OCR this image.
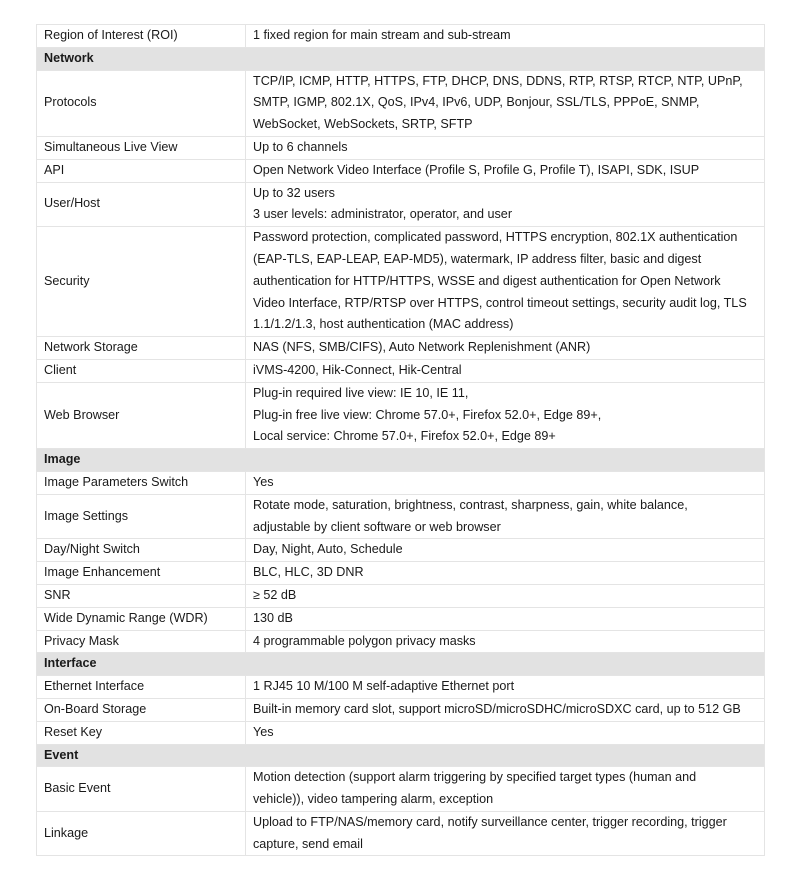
Region of Interest (ROI)	1 fixed region for main stream and sub-stream

Network	
Protocols	TCP/IP, ICMP, HTTP, HTTPS, FTP, DHCP, DNS, DDNS, RTP, RTSP, RTCP, NTP, UPnP,
SMTP, IGMP, 802.1X, QoS, IPv4, IPv6, UDP, Bonjour, SSL/TLS, PPPoE, SNMP,
WebSocket, WebSockets, SRTP, SFTP

Simultaneous Live View	Up to 6 channels

API	Open Network Video Interface (Profile S, Profile G, Profile T), ISAPI, SDK, ISUP

User/Host	Up to 32 users
3 user levels: administrator, operator, and user

Security	Password protection, complicated password, HTTPS encryption, 802.1X authentication
(EAP-TLS, EAP-LEAP, EAP-MD5), watermark, IP address filter, basic and digest
authentication for HTTP/HTTPS, WSSE and digest authentication for Open Network
Video Interface, RTP/RTSP over HTTPS, control timeout settings, security audit log, TLS
1.1/1.2/1.3, host authentication (MAC address)

Network Storage	NAS (NFS, SMB/CIFS), Auto Network Replenishment (ANR)

Client	iVMS-4200, Hik-Connect, Hik-Central

Web Browser	Plug-in required live view: IE 10, IE 11,
Plug-in free live view: Chrome 57.0+, Firefox 52.0+, Edge 89+,
Local service: Chrome 57.0+, Firefox 52.0+, Edge 89+

Image	
Image Parameters Switch	Yes

Image Settings	Rotate mode, saturation, brightness, contrast, sharpness, gain, white balance,
adjustable by client software or web browser

Day/Night Switch	Day, Night, Auto, Schedule

Image Enhancement	BLC, HLC, 3D DNR

SNR	≥ 52 dB

Wide Dynamic Range (WDR)	130 dB

Privacy Mask	4 programmable polygon privacy masks

Interface	
Ethernet Interface	1 RJ45 10 M/100 M self-adaptive Ethernet port

On-Board Storage	Built-in memory card slot, support microSD/microSDHC/microSDXC card, up to 512 GB

Reset Key	Yes

Event	
Basic Event	Motion detection (support alarm triggering by specified target types (human and
vehicle)), video tampering alarm, exception

Linkage	Upload to FTP/NAS/memory card, notify surveillance center, trigger recording, trigger
capture, send email
